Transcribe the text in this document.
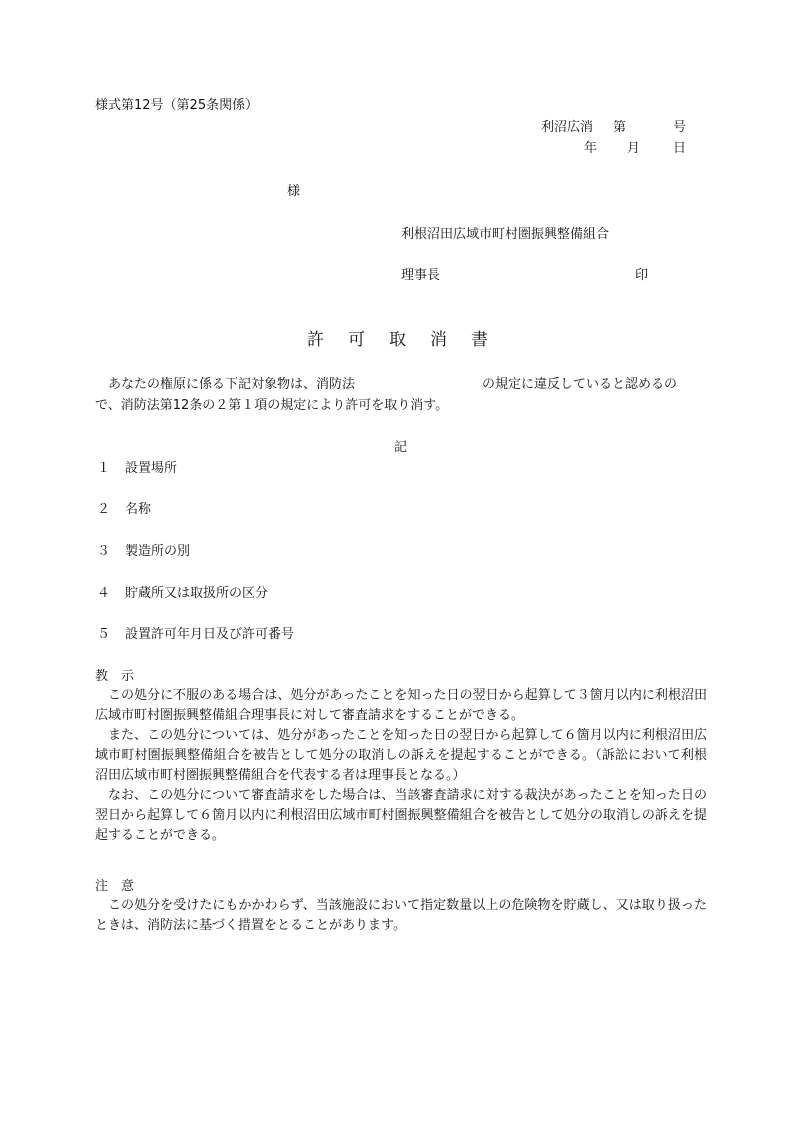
様式第12号（第25条関係）
利沼広消 第	号
年 月	日
様
利根沼田広域市町村圏振興整備組合
理事長	印
許 可 取 消 書
あなたの権原に係る下記対象物は、消防法	の規定に違反していると認めるの
で、消防法第12条の２第１項の規定により許可を取り消す。
記
１ 設置場所
２ 名称
３ 製造所の別
４ 貯蔵所又は取扱所の区分
５ 設置許可年月日及び許可番号
教　示

この処分に不服のある場合は、処分があったことを知った日の翌日から起算して３箇月以内に利根沼田広域市町村圏振興整備組合理事長に対して審査請求をすることができる。

また、この処分については、処分があったことを知った日の翌日から起算して６箇月以内に利根沼田広域市町村圏振興整備組合を被告として処分の取消しの訴えを提起することができる。（訴訟において利根沼田広域市町村圏振興整備組合を代表する者は理事長となる。）

なお、この処分について審査請求をした場合は、当該審査請求に対する裁決があったことを知った日の翌日から起算して６箇月以内に利根沼田広域市町村圏振興整備組合を被告として処分の取消しの訴えを提起することができる。

注　意

この処分を受けたにもかかわらず、当該施設において指定数量以上の危険物を貯蔵し、又は取り扱ったときは、消防法に基づく措置をとることがあります。
